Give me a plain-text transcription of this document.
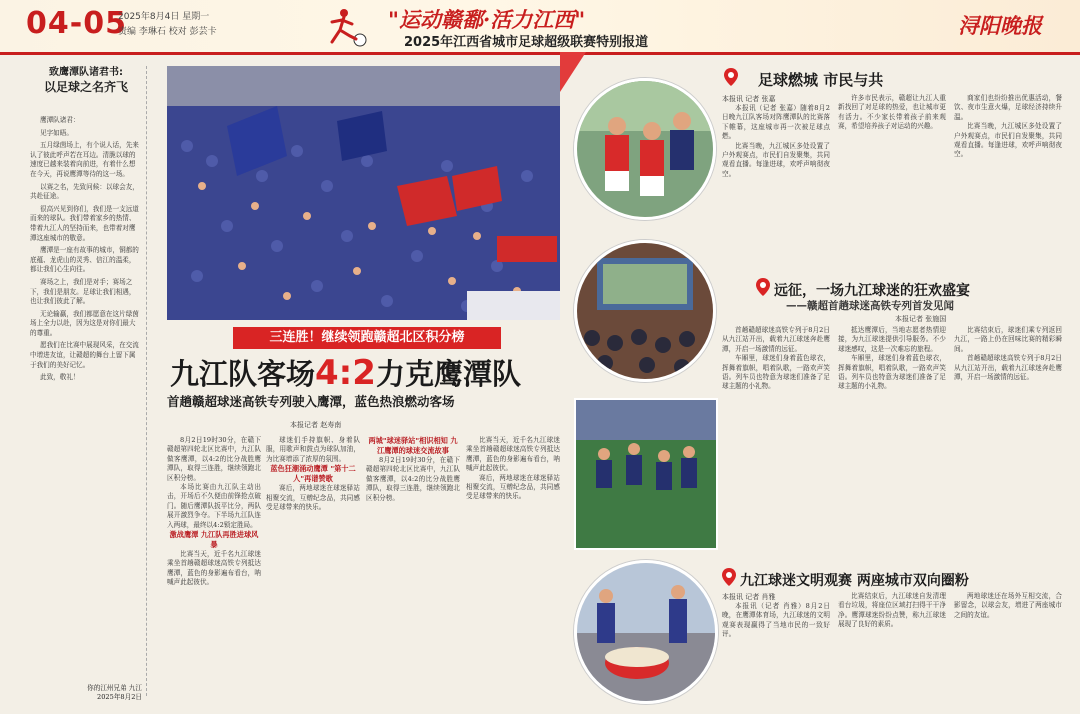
04-05
2025年8月4日 星期一
责编 李琳石 校对 彭芸卡	"运动赣鄱·活力江西"
2025年江西省城市足球超级联赛特别报道
浔阳晚报
致鹰潭队诸君书:
以足球之名齐飞

鹰潭队诸君：

见字如晤。

五月绿茵场上，有个说人话，先来认了彼此呼声若在耳边。清脆以球的速度已越来装着向前进，有着什么想在今天，再说鹰潭等待的这一场。

以赛之名，先致问候：以球会友，共赴征途。

很高兴见到你们，我们是一支远道而来的球队。我们带着家乡的热情、带着九江人的坚持而来，也带着对鹰潭这座城市的敬意。

鹰潭是一座有故事的城市，铜都的底蕴、龙虎山的灵秀、信江的温柔，都让我们心生向往。

赛场之上，我们是对手；赛场之下，我们是朋友。足球让我们相遇，也让我们彼此了解。

无论输赢，我们都愿意在这片绿茵场上全力以赴，因为这是对你们最大的尊重。

愿我们在比赛中展现风采，在交流中增进友谊，让赣超的舞台上留下属于我们的美好记忆。

此致，敬礼！

你的江州兄弟 九江
2025年8月2日
三连胜！继续领跑赣超北区积分榜
九江队客场4:2力克鹰潭队
首趟赣超球迷高铁专列驶入鹰潭，蓝色热浪燃动客场
本报记者 赵寿南

8月2日19时30分，在赣下赣超第四轮北区比赛中，九江队做客鹰潭，以4:2的比分战胜鹰潭队，取得三连胜，继续领跑北区积分榜。

本场比赛由九江队主动出击，开场后不久便由前锋抢点破门。随后鹰潭队扳平比分，两队展开激烈争夺。下半场九江队连入两球，最终以4:2锁定胜局。

激战鹰潭 九江队再胜进球风暴

比赛当天，近千名九江球迷乘坐首趟赣超球迷高铁专列抵达鹰潭，蓝色的身影遍布看台，呐喊声此起彼伏。

球迷们手持旗帜、身着队服，用歌声和鼓点为球队加油，为比赛增添了浓厚的氛围。

蓝色狂潮涌动鹰潭 "第十二人"再谱赞歌

赛后，两地球迷在球迷驿站相聚交流，互赠纪念品，共同感受足球带来的快乐。

两城"球迷驿站"相识相知 九江鹰潭的球迷交流故事

8月2日19时30分，在赣下赣超第四轮北区比赛中，九江队做客鹰潭，以4:2的比分战胜鹰潭队，取得三连胜，继续领跑北区积分榜。

比赛当天，近千名九江球迷乘坐首趟赣超球迷高铁专列抵达鹰潭，蓝色的身影遍布看台，呐喊声此起彼伏。

赛后，两地球迷在球迷驿站相聚交流，互赠纪念品，共同感受足球带来的快乐。

足球燃城 市民与共
本报讯 记者 张嘉

本报讯（记者 张嘉）随着8月2日晚九江队客场对阵鹰潭队的比赛落下帷幕，这座城市再一次被足球点燃。

比赛当晚，九江城区多处设置了户外观赛点，市民们自发聚集，共同观看直播。每逢进球，欢呼声响彻夜空。

许多市民表示，赣超让九江人重新找回了对足球的热爱，也让城市更有活力。不少家长带着孩子前来观赛，希望培养孩子对运动的兴趣。

商家们也纷纷推出优惠活动，餐饮、夜市生意火爆，足球经济持续升温。

比赛当晚，九江城区多处设置了户外观赛点，市民们自发聚集，共同观看直播。每逢进球，欢呼声响彻夜空。

远征，一场九江球迷的狂欢盛宴
——赣超首趟球迷高铁专列首发见闻
本报记者 张施国

首趟赣超球迷高铁专列于8月2日从九江站开出，载着九江球迷奔赴鹰潭，开启一场激情的远征。

车厢里，球迷们身着蓝色球衣，挥舞着旗帜，唱着队歌，一路欢声笑语。列车员也特意为球迷们准备了足球主题的小礼物。

抵达鹰潭后，当地志愿者热情迎接，为九江球迷提供引导服务。不少球迷感叹，这是一次难忘的旅程。

车厢里，球迷们身着蓝色球衣，挥舞着旗帜，唱着队歌，一路欢声笑语。列车员也特意为球迷们准备了足球主题的小礼物。

比赛结束后，球迷们乘专列返回九江，一路上仍在回味比赛的精彩瞬间。

首趟赣超球迷高铁专列于8月2日从九江站开出，载着九江球迷奔赴鹰潭，开启一场激情的远征。

九江球迷文明观赛 两座城市双向圈粉
本报讯 记者 肖雅

本报讯（记者 肖雅）8月2日晚，在鹰潭体育场，九江球迷的文明观赛表现赢得了当地市民的一致好评。

比赛结束后，九江球迷自发清理看台垃圾，将座位区域打扫得干干净净。鹰潭球迷纷纷点赞，称九江球迷展现了良好的素质。

两地球迷还在场外互相交流，合影留念，以球会友，增进了两座城市之间的友谊。
